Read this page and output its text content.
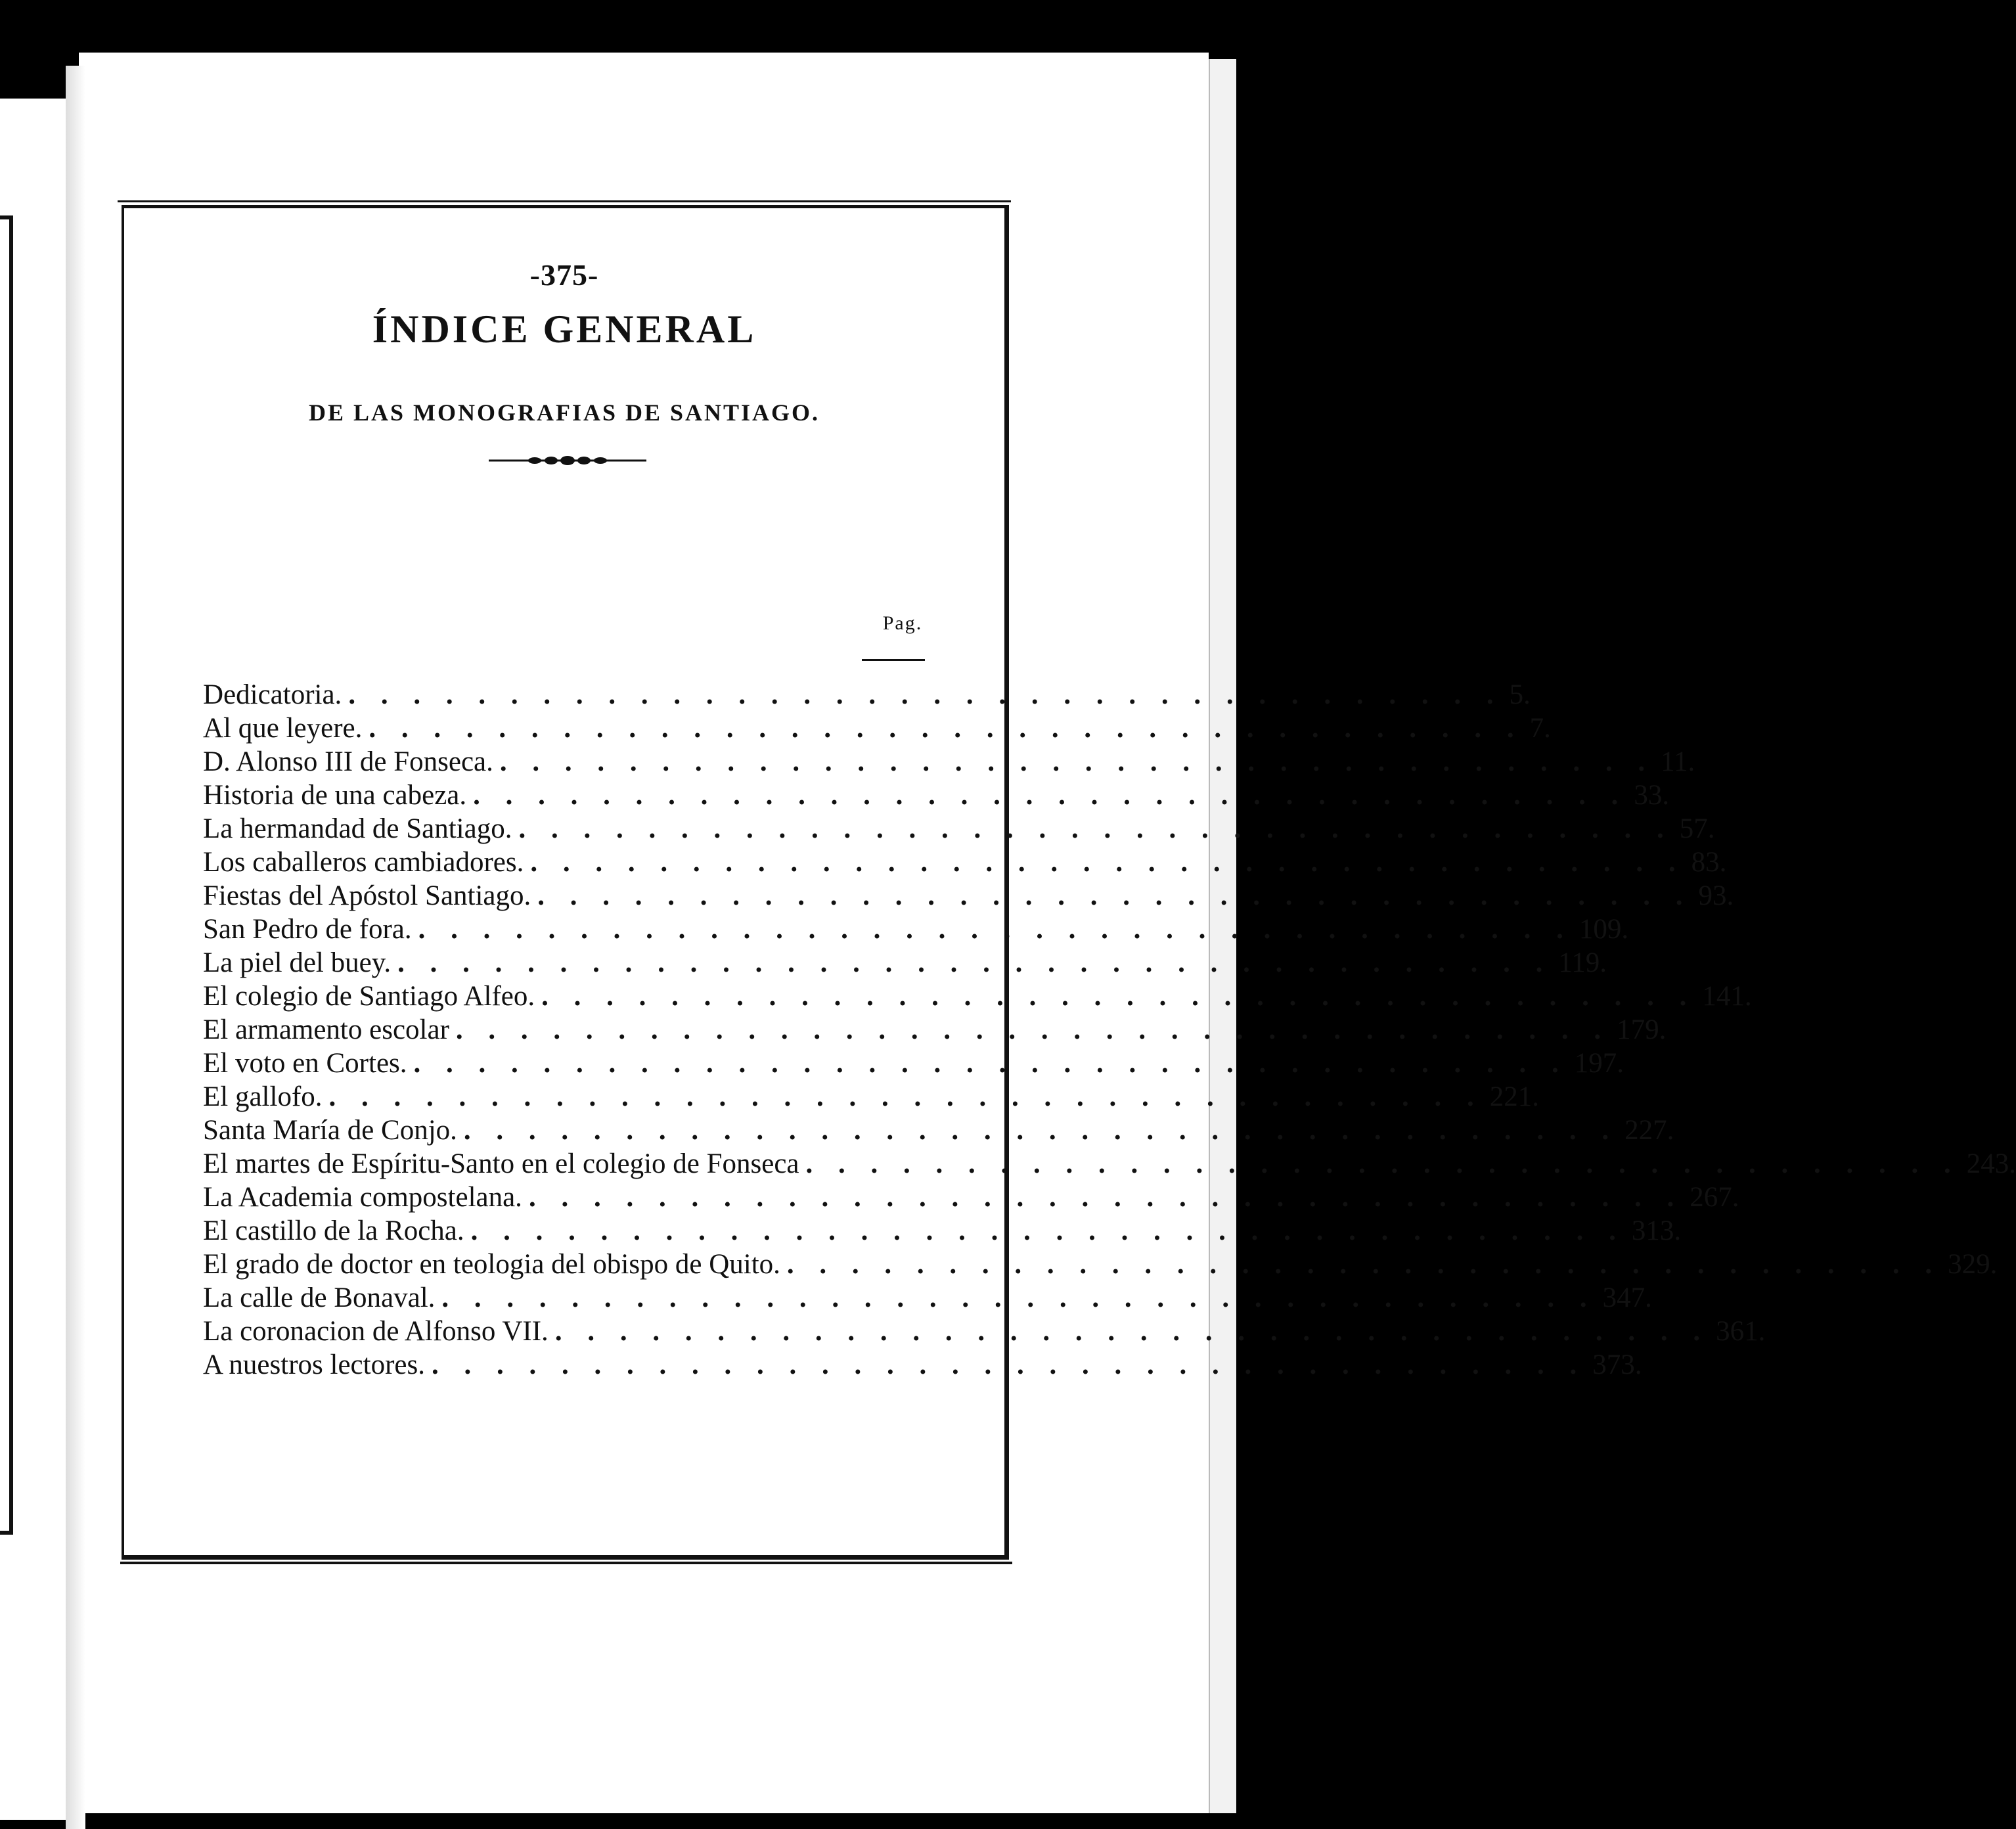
-375-
ÍNDICE GENERAL
DE LAS MONOGRAFIAS DE SANTIAGO.
Pag.
Dedicatoria. . . . . . . . . . . . . . . . . . . . . . . . . . . . . . . . . . . . . 5.
Al que leyere. . . . . . . . . . . . . . . . . . . . . . . . . . . . . . . . . . . . . 7.
D. Alonso III de Fonseca. . . . . . . . . . . . . . . . . . . . . . . . . . . . . . . . . . . . . 11.
Historia de una cabeza. . . . . . . . . . . . . . . . . . . . . . . . . . . . . . . . . . . . . 33.
La hermandad de Santiago. . . . . . . . . . . . . . . . . . . . . . . . . . . . . . . . . . . . . 57.
Los caballeros cambiadores. . . . . . . . . . . . . . . . . . . . . . . . . . . . . . . . . . . . . 83.
Fiestas del Apóstol Santiago. . . . . . . . . . . . . . . . . . . . . . . . . . . . . . . . . . . . . 93.
San Pedro de fora. . . . . . . . . . . . . . . . . . . . . . . . . . . . . . . . . . . . . 109.
La piel del buey. . . . . . . . . . . . . . . . . . . . . . . . . . . . . . . . . . . . . 119.
El colegio de Santiago Alfeo. . . . . . . . . . . . . . . . . . . . . . . . . . . . . . . . . . . . . 141.
El armamento escolar . . . . . . . . . . . . . . . . . . . . . . . . . . . . . . . . . . . . 179.
El voto en Cortes. . . . . . . . . . . . . . . . . . . . . . . . . . . . . . . . . . . . . 197.
El gallofo. . . . . . . . . . . . . . . . . . . . . . . . . . . . . . . . . . . . . 221.
Santa María de Conjo. . . . . . . . . . . . . . . . . . . . . . . . . . . . . . . . . . . . . 227.
El martes de Espíritu-Santo en el colegio de Fonseca . . . . . . . . . . . . . . . . . . . . . . . . . . . . . . . . . . . . 243.
La Academia compostelana. . . . . . . . . . . . . . . . . . . . . . . . . . . . . . . . . . . . . 267.
El castillo de la Rocha. . . . . . . . . . . . . . . . . . . . . . . . . . . . . . . . . . . . . 313.
El grado de doctor en teologia del obispo de Quito. . . . . . . . . . . . . . . . . . . . . . . . . . . . . . . . . . . . . 329.
La calle de Bonaval. . . . . . . . . . . . . . . . . . . . . . . . . . . . . . . . . . . . . 347.
La coronacion de Alfonso VII. . . . . . . . . . . . . . . . . . . . . . . . . . . . . . . . . . . . . 361.
A nuestros lectores. . . . . . . . . . . . . . . . . . . . . . . . . . . . . . . . . . . . . 373.
